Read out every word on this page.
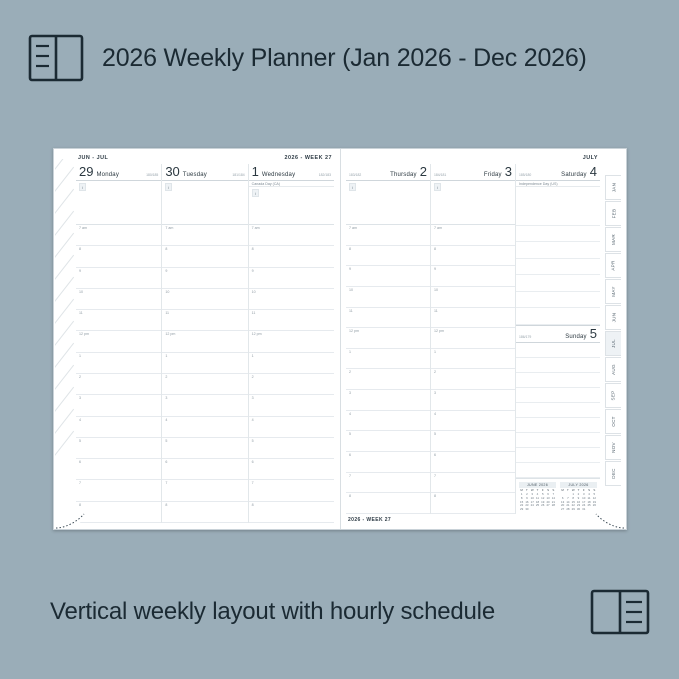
2026 Weekly Planner (Jan 2026 - Dec 2026)
JUN - JUL	2026 - WEEK 27
29 Monday	180/185
i
7 am
8
9
10
11
12 pm
1
2
3
4
5
6
7
8
30 Tuesday	181/184
i
7 am
8
9
10
11
12 pm
1
2
3
4
5
6
7
8
1 Wednesday	182/183
Canada Day (CA)
i
7 am
8
9
10
11
12 pm
1
2
3
4
5
6
7
8
JULY
183/182	Thursday 2
i
7 am
8
9
10
11
12 pm
1
2
3
4
5
6
7
8
184/181	Friday 3
i
7 am
8
9
10
11
12 pm
1
2
3
4
5
6
7
8
185/180	Saturday 4
Independence Day (US)
186/179	Sunday 5
JUNE 2026
M	T	W	T	F	S	S
1	2	3	4	5	6	7
8	9	10	11	12	13	14
15	16	17	18	19	20	21
22	23	24	25	26	27	28
29	30					
JULY 2026
M	T	W	T	F	S	S
		1	2	3	4	5
6	7	8	9	10	11	12
13	14	15	16	17	18	19
20	21	22	23	24	25	26
27	28	29	30	31		
2026 - WEEK 27
JAN
FEB
MAR
APR
MAY
JUN
JUL
AUG
SEP
OCT
NOV
DEC
Vertical weekly layout with hourly schedule
